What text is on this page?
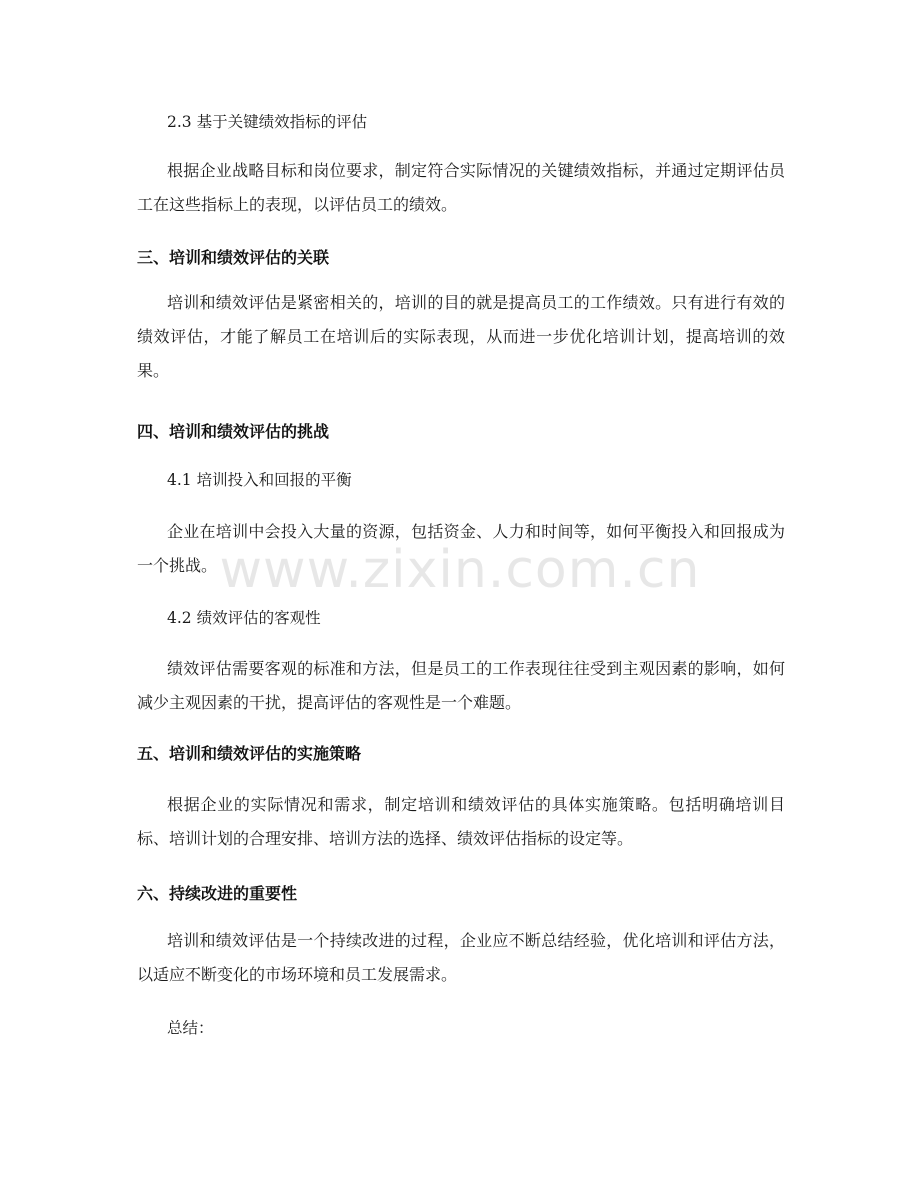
2.3 基于关键绩效指标的评估

根据企业战略目标和岗位要求，制定符合实际情况的关键绩效指标，并通过定期评估员工在这些指标上的表现，以评估员工的绩效。

三、培训和绩效评估的关联

培训和绩效评估是紧密相关的，培训的目的就是提高员工的工作绩效。只有进行有效的绩效评估，才能了解员工在培训后的实际表现，从而进一步优化培训计划，提高培训的效果。

四、培训和绩效评估的挑战

4.1 培训投入和回报的平衡

企业在培训中会投入大量的资源，包括资金、人力和时间等，如何平衡投入和回报成为一个挑战。

4.2 绩效评估的客观性

绩效评估需要客观的标准和方法，但是员工的工作表现往往受到主观因素的影响，如何减少主观因素的干扰，提高评估的客观性是一个难题。

五、培训和绩效评估的实施策略

根据企业的实际情况和需求，制定培训和绩效评估的具体实施策略。包括明确培训目标、培训计划的合理安排、培训方法的选择、绩效评估指标的设定等。

六、持续改进的重要性

培训和绩效评估是一个持续改进的过程，企业应不断总结经验，优化培训和评估方法，以适应不断变化的市场环境和员工发展需求。

总结：

www.zixin.com.cn
